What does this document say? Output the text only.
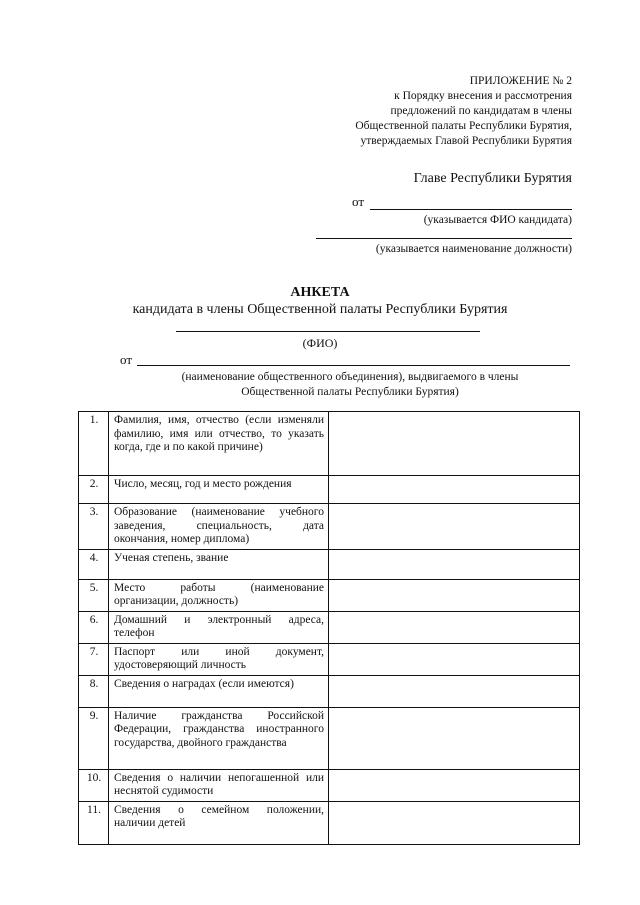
ПРИЛОЖЕНИЕ № 2
к Порядку внесения и рассмотрения
предложений по кандидатам в члены
Общественной палаты Республики Бурятия,
утверждаемых Главой Республики Бурятия
Главе Республики Бурятия
от
(указывается ФИО кандидата)
(указывается наименование должности)
АНКЕТА
кандидата в члены Общественной палаты Республики Бурятия
(ФИО)
от
(наименование общественного объединения), выдвигаемого в члены
Общественной палаты Республики Бурятия)
1.	Фамилия, имя, отчество (если изменяли фамилию, имя или отчество, то указать когда, где и по какой причине)	
2.	Число, месяц, год и место рождения	
3.	Образование (наименование учебного заведения, специальность, дата окончания, номер диплома)	
4.	Ученая степень, звание	
5.	Место работы (наименование организации, должность)	
6.	Домашний и электронный адреса, телефон	
7.	Паспорт или иной документ, удостоверяющий личность	
8.	Сведения о наградах (если имеются)	
9.	Наличие гражданства Российской Федерации, гражданства иностранного государства, двойного гражданства	
10.	Сведения о наличии непогашенной или неснятой судимости	
11.	Сведения о семейном положении, наличии детей	
